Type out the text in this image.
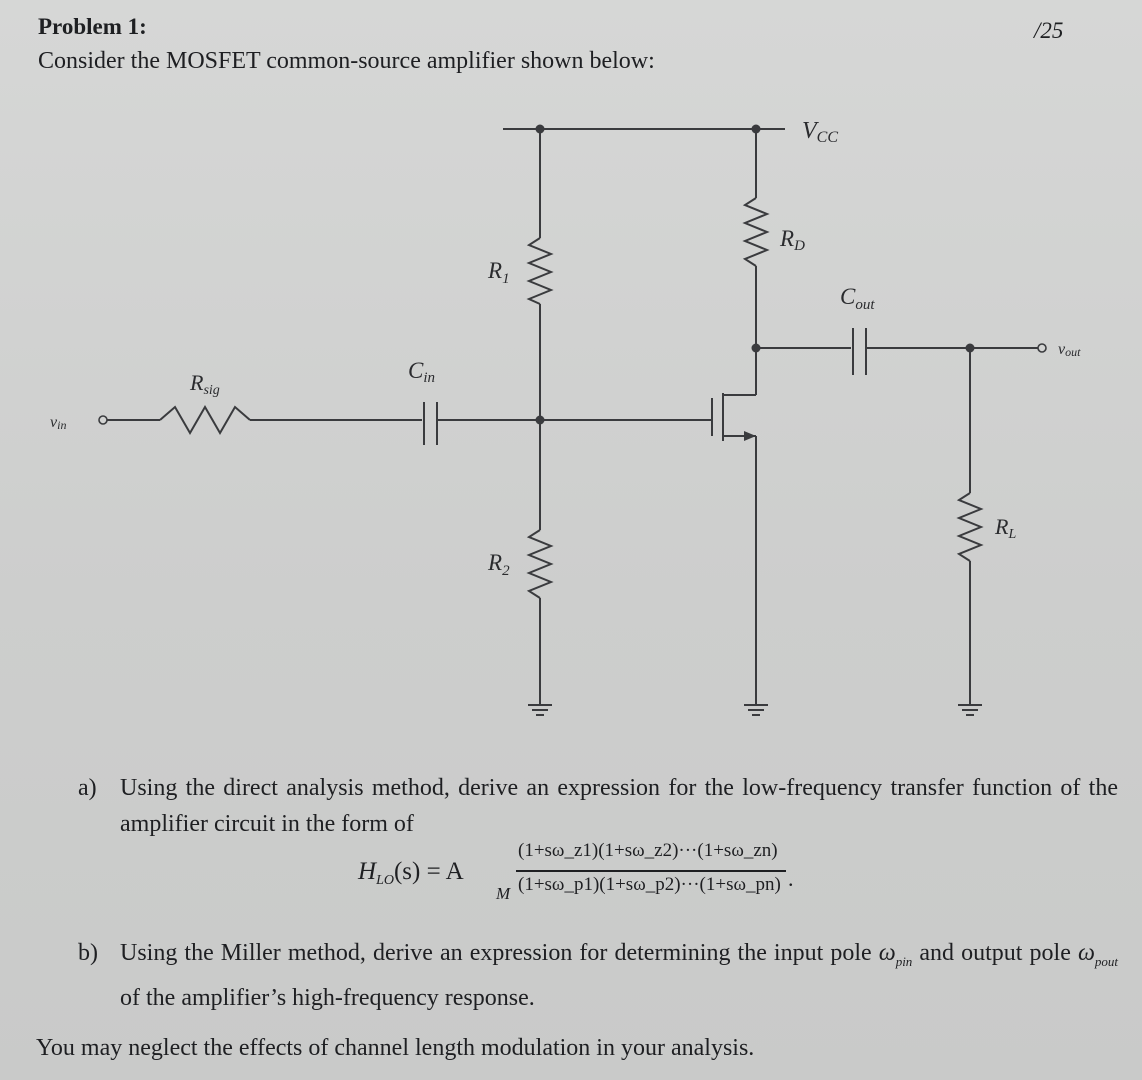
Problem 1:	/25
Consider the MOSFET common-source amplifier shown below:
VCC
RD
$R_1$
$R_2$
$C_{out}$
Cin
Rsig
RL
vin
vout
a) Using the direct analysis method, derive an expression for the low-frequency transfer function of the amplifier circuit in the form of
$H_{LO}(s) = A$
M
(1+sω_z1)(1+sω_z2)···(1+sω_zn)
(1+sω_p1)(1+sω_p2)···(1+sω_pn) .
b) Using the Miller method, derive an expression for determining the input pole $\omega_{pin}$ and output pole $\omega_{pout}$ of the amplifier’s high-frequency response.
You may neglect the effects of channel length modulation in your analysis.
